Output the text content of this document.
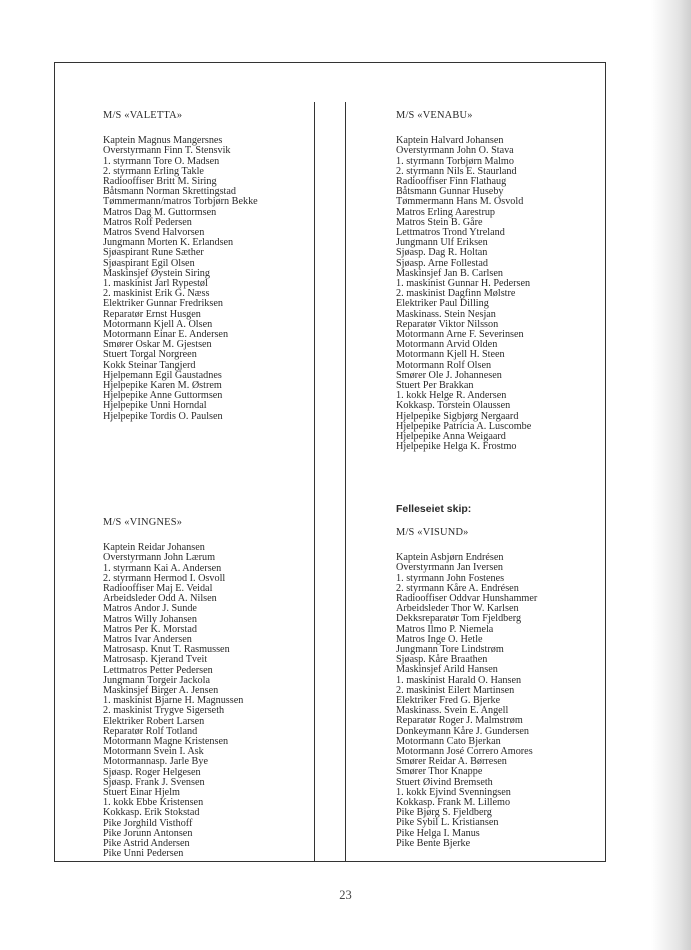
M/S «VALETTA»
Kaptein Magnus Mangersnes
Overstyrmann Finn T. Stensvik
1. styrmann Tore O. Madsen
2. styrmann Erling Takle
Radiooffiser Britt M. Siring
Båtsmann Norman Skrettingstad
Tømmermann/matros Torbjørn Bekke
Matros Dag M. Guttormsen
Matros Rolf Pedersen
Matros Svend Halvorsen
Jungmann Morten K. Erlandsen
Sjøaspirant Rune Sæther
Sjøaspirant Egil Olsen
Maskinsjef Øystein Siring
1. maskinist Jarl Rypestøl
2. maskinist Erik G. Næss
Elektriker Gunnar Fredriksen
Reparatør Ernst Husgen
Motormann Kjell A. Olsen
Motormann Einar E. Andersen
Smører Oskar M. Gjestsen
Stuert Torgal Norgreen
Kokk Steinar Tangjerd
Hjelpemann Egil Gaustadnes
Hjelpepike Karen M. Østrem
Hjelpepike Anne Guttormsen
Hjelpepike Unni Horndal
Hjelpepike Tordis O. Paulsen
M/S «VENABU»
Kaptein Halvard Johansen
Overstyrmann John O. Stava
1. styrmann Torbjørn Malmo
2. styrmann Nils E. Staurland
Radiooffiser Finn Flathaug
Båtsmann Gunnar Huseby
Tømmermann Hans M. Osvold
Matros Erling Aarestrup
Matros Stein B. Gåre
Lettmatros Trond Ytreland
Jungmann Ulf Eriksen
Sjøasp. Dag R. Holtan
Sjøasp. Arne Follestad
Maskinsjef Jan B. Carlsen
1. maskinist Gunnar H. Pedersen
2. maskinist Dagfinn Mølstre
Elektriker Paul Dilling
Maskinass. Stein Nesjan
Reparatør Viktor Nilsson
Motormann Arne F. Severinsen
Motormann Arvid Olden
Motormann Kjell H. Steen
Motormann Rolf Olsen
Smører Ole J. Johannesen
Stuert Per Brakkan
1. kokk Helge R. Andersen
Kokkasp. Torstein Olaussen
Hjelpepike Sigbjørg Nergaard
Hjelpepike Patricia A. Luscombe
Hjelpepike Anna Weigaard
Hjelpepike Helga K. Frostmo
M/S «VINGNES»
Kaptein Reidar Johansen
Overstyrmann John Lærum
1. styrmann Kai A. Andersen
2. styrmann Hermod I. Osvoll
Radiooffiser Maj E. Veidal
Arbeidsleder Odd A. Nilsen
Matros Andor J. Sunde
Matros Willy Johansen
Matros Per K. Morstad
Matros Ivar Andersen
Matrosasp. Knut T. Rasmussen
Matrosasp. Kjerand Tveit
Lettmatros Petter Pedersen
Jungmann Torgeir Jackola
Maskinsjef Birger A. Jensen
1. maskinist Bjarne H. Magnussen
2. maskinist Trygve Sigerseth
Elektriker Robert Larsen
Reparatør Rolf Totland
Motormann Magne Kristensen
Motormann Svein I. Ask
Motormannasp. Jarle Bye
Sjøasp. Roger Helgesen
Sjøasp. Frank J. Svensen
Stuert Einar Hjelm
1. kokk Ebbe Kristensen
Kokkasp. Erik Stokstad
Pike Jorghild Visthoff
Pike Jorunn Antonsen
Pike Astrid Andersen
Pike Unni Pedersen
Felleseiet skip:
M/S «VISUND»
Kaptein Asbjørn Endrésen
Overstyrmann Jan Iversen
1. styrmann John Fostenes
2. styrmann Kåre A. Endrésen
Radiooffiser Oddvar Hunshammer
Arbeidsleder Thor W. Karlsen
Dekksreparatør Tom Fjeldberg
Matros Ilmo P. Niemela
Matros Inge O. Hetle
Jungmann Tore Lindstrøm
Sjøasp. Kåre Braathen
Maskinsjef Arild Hansen
1. maskinist Harald O. Hansen
2. maskinist Eilert Martinsen
Elektriker Fred G. Bjerke
Maskinass. Svein E. Angell
Reparatør Roger J. Malmstrøm
Donkeymann Kåre J. Gundersen
Motormann Cato Bjerkan
Motormann José Correro Amores
Smører Reidar A. Børresen
Smører Thor Knappe
Stuert Øivind Bremseth
1. kokk Ejvind Svenningsen
Kokkasp. Frank M. Lillemo
Pike Bjørg S. Fjeldberg
Pike Sybil L. Kristiansen
Pike Helga I. Manus
Pike Bente Bjerke
23
